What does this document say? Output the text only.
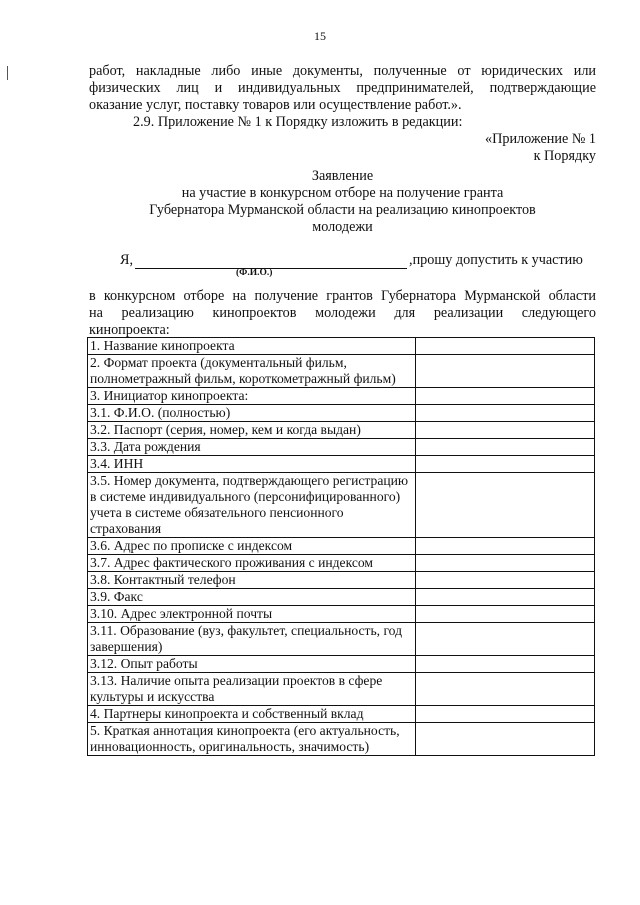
15
работ, накладные либо иные документы, полученные от юридических или
физических лиц и индивидуальных предпринимателей, подтверждающие
оказание услуг, поставку товаров или осуществление работ.».
2.9. Приложение № 1 к Порядку изложить в редакции:
«Приложение № 1
к Порядку
Заявление
на участие в конкурсном отборе на получение гранта
Губернатора Мурманской области на реализацию кинопроектов
молодежи
Я,	,прошу допустить к участию
(Ф.И.О.)
в конкурсном отборе на получение грантов Губернатора Мурманской области
на реализацию кинопроектов молодежи для реализации следующего
кинопроекта:
1. Название кинопроекта	
2. Формат проекта (документальный фильм, полнометражный фильм, короткометражный фильм)	
3. Инициатор кинопроекта:	
3.1. Ф.И.О. (полностью)	
3.2. Паспорт (серия, номер, кем и когда выдан)	
3.3. Дата рождения	
3.4. ИНН	
3.5. Номер документа, подтверждающего регистрацию в системе индивидуального (персонифицированного) учета в системе обязательного пенсионного страхования	
3.6. Адрес по прописке с индексом	
3.7. Адрес фактического проживания с индексом	
3.8. Контактный телефон	
3.9. Факс	
3.10. Адрес электронной почты	
3.11. Образование (вуз, факультет, специальность, год завершения)	
3.12. Опыт работы	
3.13. Наличие опыта реализации проектов в сфере культуры и искусства	
4. Партнеры кинопроекта и собственный вклад	
5. Краткая аннотация кинопроекта (его актуальность, инновационность, оригинальность, значимость)	
